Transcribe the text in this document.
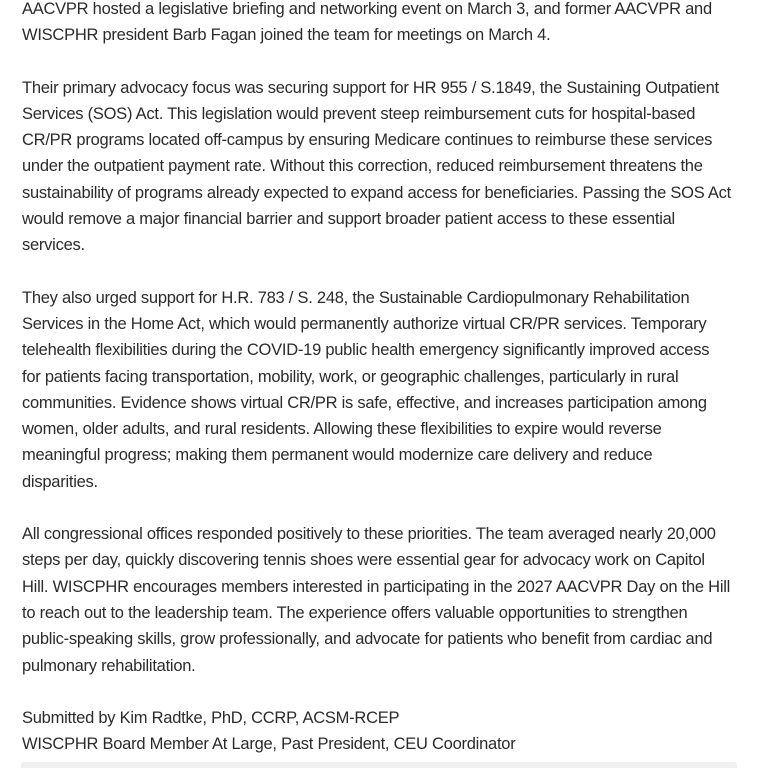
AACVPR hosted a legislative briefing and networking event on March 3, and former AACVPR and WISCPHR president Barb Fagan joined the team for meetings on March 4.

Their primary advocacy focus was securing support for HR 955 / S.1849, the Sustaining Outpatient Services (SOS) Act. This legislation would prevent steep reimbursement cuts for hospital-based CR/PR programs located off-campus by ensuring Medicare continues to reimburse these services under the outpatient payment rate. Without this correction, reduced reimbursement threatens the sustainability of programs already expected to expand access for beneficiaries. Passing the SOS Act would remove a major financial barrier and support broader patient access to these essential services.

They also urged support for H.R. 783 / S. 248, the Sustainable Cardiopulmonary Rehabilitation Services in the Home Act, which would permanently authorize virtual CR/PR services. Temporary telehealth flexibilities during the COVID-19 public health emergency significantly improved access for patients facing transportation, mobility, work, or geographic challenges, particularly in rural communities. Evidence shows virtual CR/PR is safe, effective, and increases participation among women, older adults, and rural residents. Allowing these flexibilities to expire would reverse meaningful progress; making them permanent would modernize care delivery and reduce disparities.

All congressional offices responded positively to these priorities. The team averaged nearly 20,000 steps per day, quickly discovering tennis shoes were essential gear for advocacy work on Capitol Hill. WISCPHR encourages members interested in participating in the 2027 AACVPR Day on the Hill to reach out to the leadership team. The experience offers valuable opportunities to strengthen public-speaking skills, grow professionally, and advocate for patients who benefit from cardiac and pulmonary rehabilitation.

Submitted by Kim Radtke, PhD, CCRP, ACSM-RCEP
WISCPHR Board Member At Large, Past President, CEU Coordinator
